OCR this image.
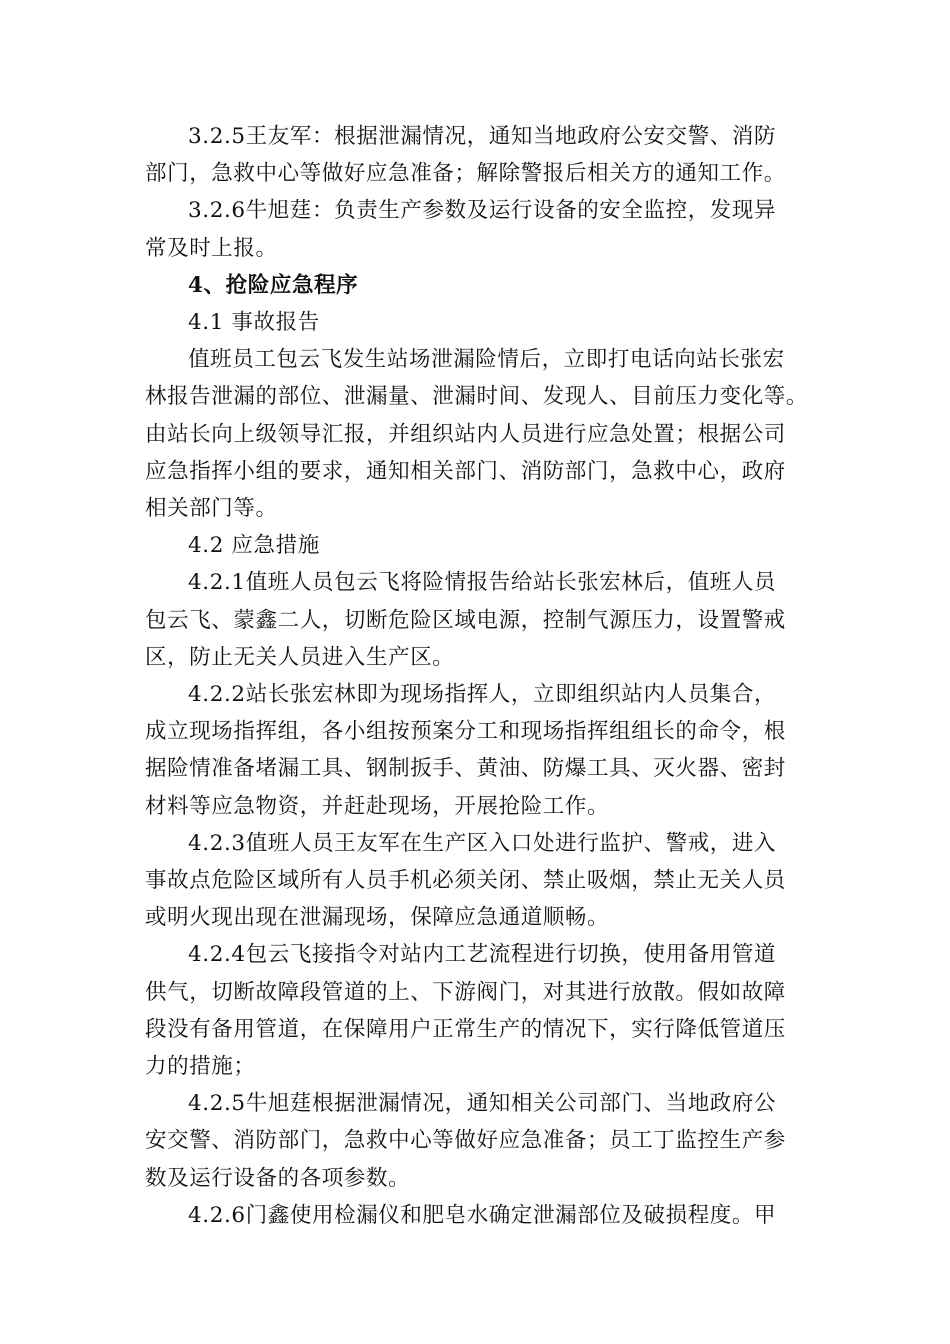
3.2.5王友军：根据泄漏情况，通知当地政府公安交警、消防
部门，急救中心等做好应急准备；解除警报后相关方的通知工作。

3.2.6牛旭莛：负责生产参数及运行设备的安全监控，发现异
常及时上报。

4、抢险应急程序

4.1 事故报告

值班员工包云飞发生站场泄漏险情后，立即打电话向站长张宏
林报告泄漏的部位、泄漏量、泄漏时间、发现人、目前压力变化等。
由站长向上级领导汇报，并组织站内人员进行应急处置；根据公司
应急指挥小组的要求，通知相关部门、消防部门，急救中心，政府
相关部门等。

4.2 应急措施

4.2.1值班人员包云飞将险情报告给站长张宏林后，值班人员
包云飞、蒙鑫二人，切断危险区域电源，控制气源压力，设置警戒
区，防止无关人员进入生产区。

4.2.2站长张宏林即为现场指挥人，立即组织站内人员集合，
成立现场指挥组，各小组按预案分工和现场指挥组组长的命令，根
据险情准备堵漏工具、钢制扳手、黄油、防爆工具、灭火器、密封
材料等应急物资，并赶赴现场，开展抢险工作。

4.2.3值班人员王友军在生产区入口处进行监护、警戒，进入
事故点危险区域所有人员手机必须关闭、禁止吸烟，禁止无关人员
或明火现出现在泄漏现场，保障应急通道顺畅。

4.2.4包云飞接指令对站内工艺流程进行切换，使用备用管道
供气，切断故障段管道的上、下游阀门，对其进行放散。假如故障
段没有备用管道，在保障用户正常生产的情况下，实行降低管道压
力的措施；

4.2.5牛旭莛根据泄漏情况，通知相关公司部门、当地政府公
安交警、消防部门，急救中心等做好应急准备；员工丁监控生产参
数及运行设备的各项参数。

4.2.6门鑫使用检漏仪和肥皂水确定泄漏部位及破损程度。甲
